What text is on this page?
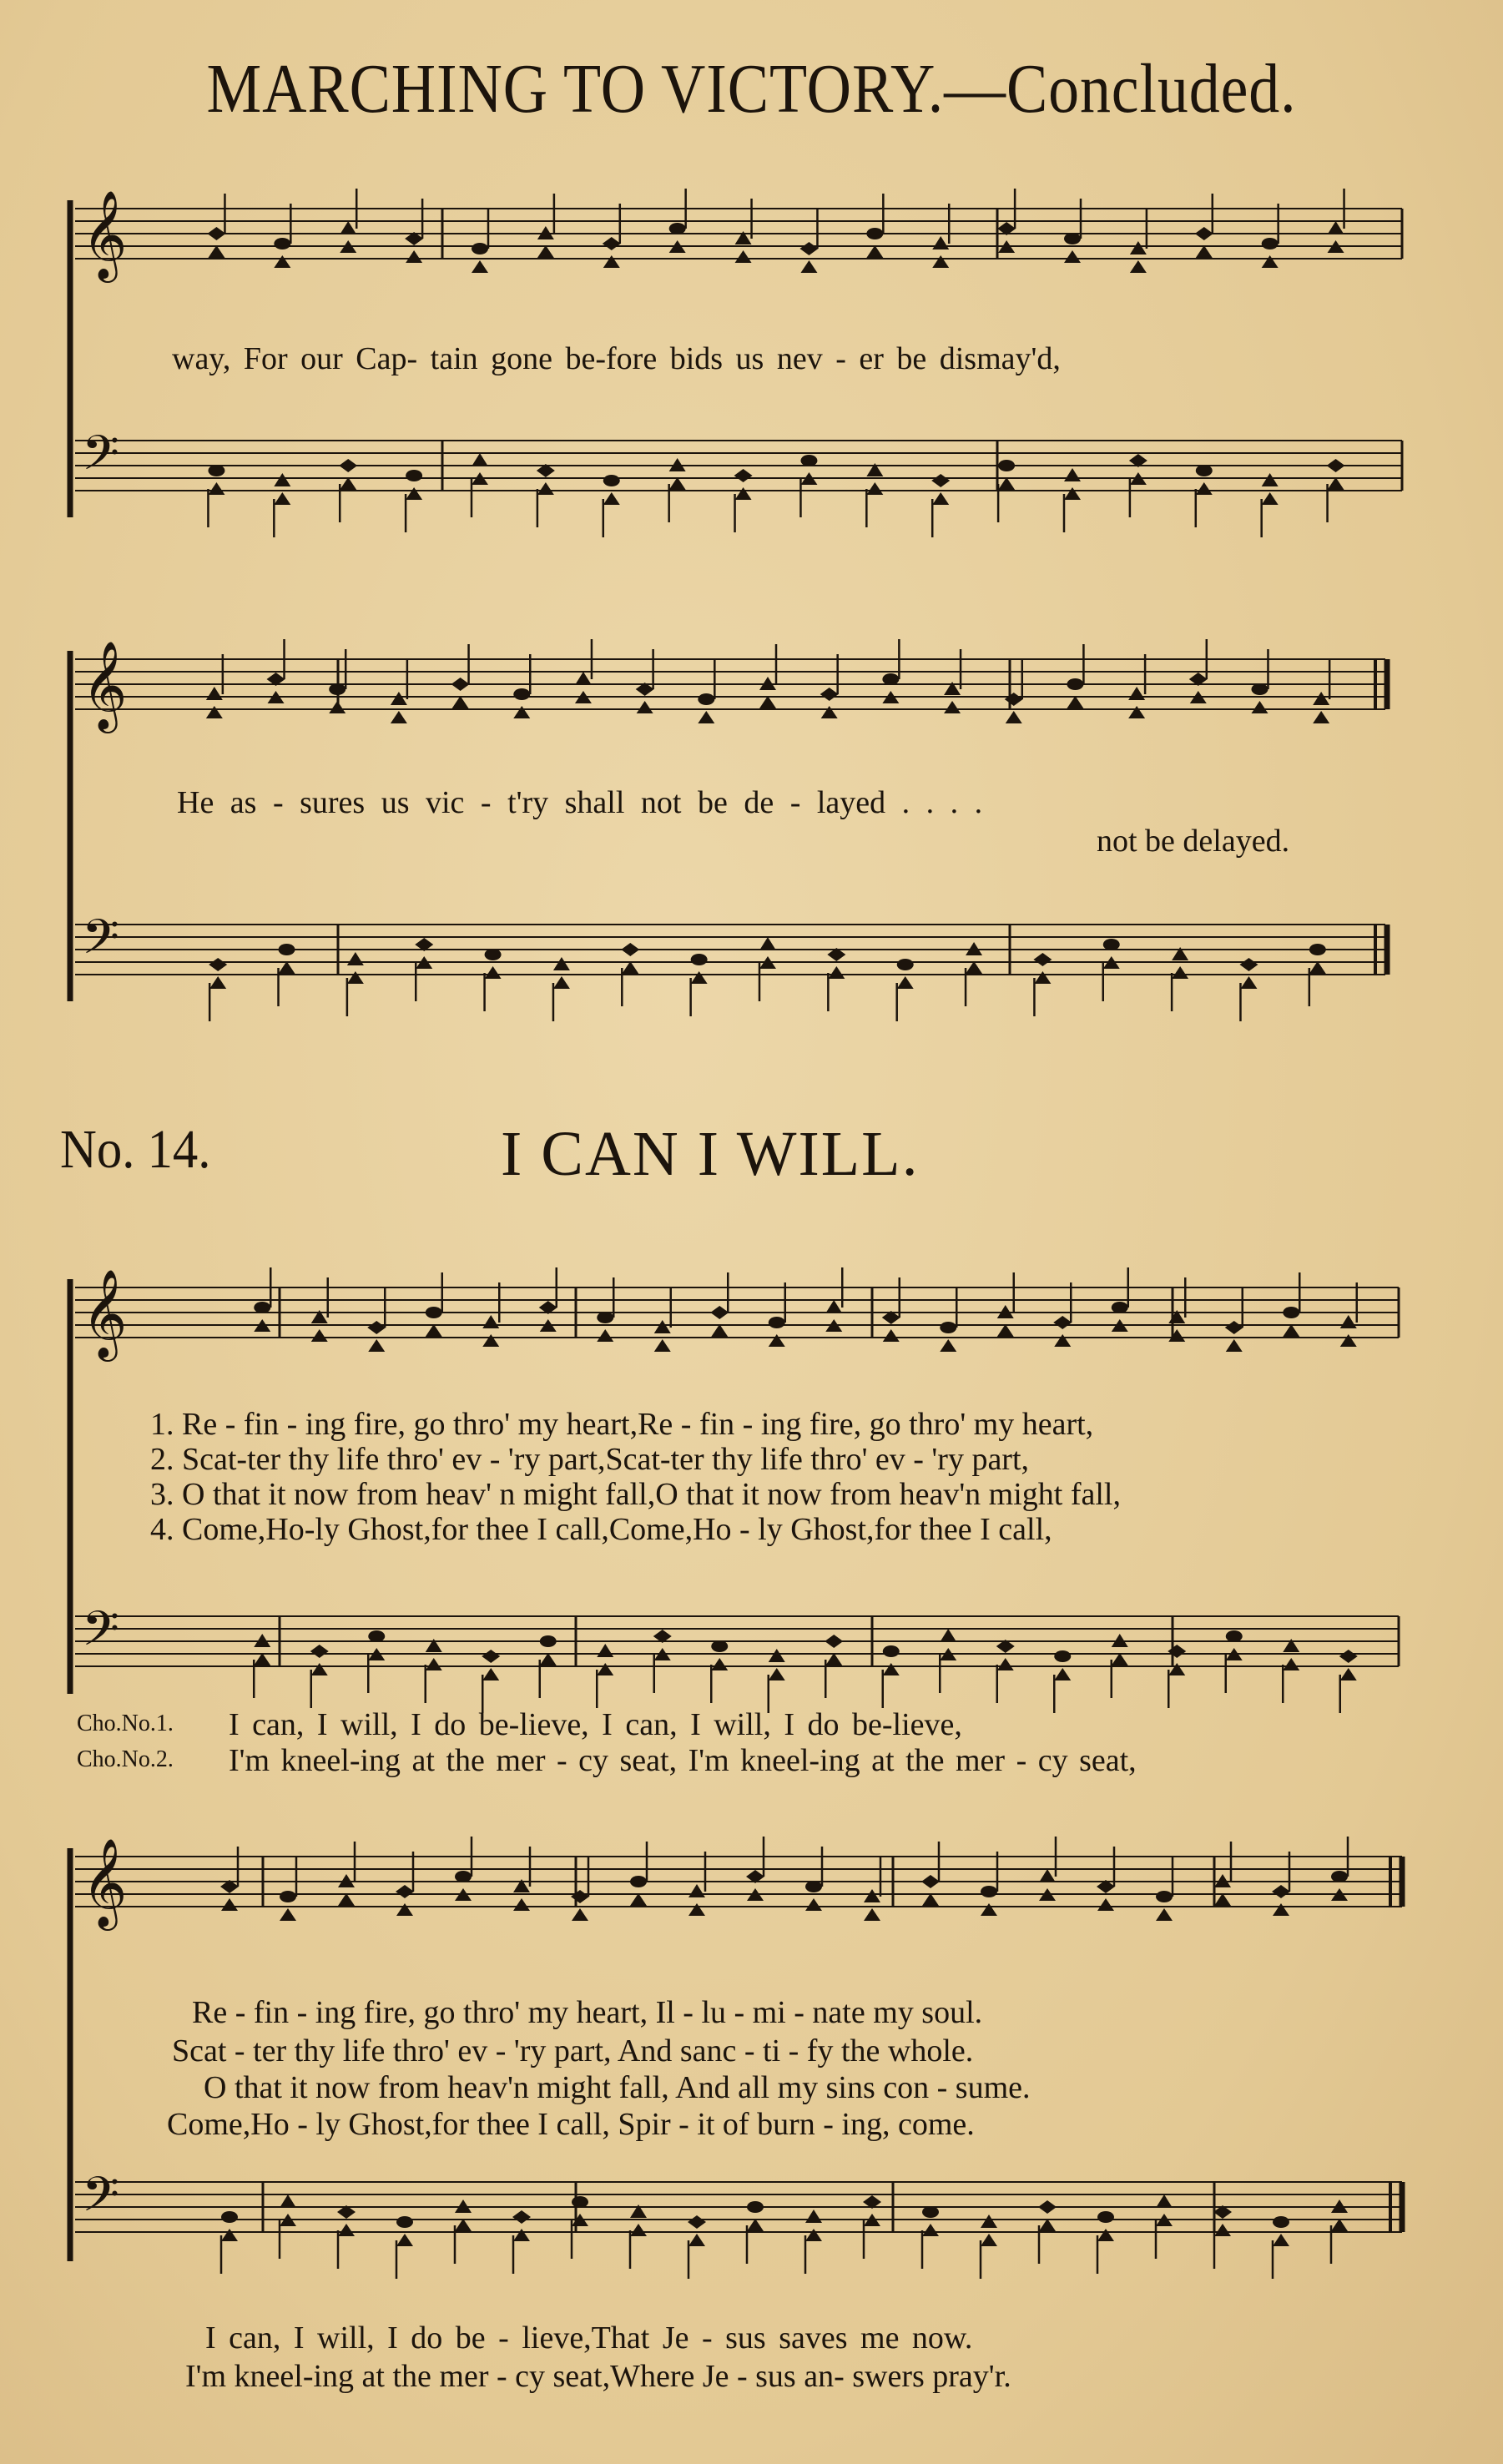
MARCHING TO VICTORY.—Concluded.
𝄞
𝄢
𝄞
𝄢
𝄞
𝄢
𝄞
𝄢
way, For our Cap- tain gone be-fore bids us nev - er be dismay'd,
He as - sures us vic - t'ry shall not be de - layed . . . .
not be delayed.
No. 14.	I CAN I WILL.
1. Re - fin - ing fire, go thro' my heart,Re - fin - ing fire, go thro' my heart,
2. Scat-ter thy life thro' ev - 'ry part,Scat-ter thy life thro' ev - 'ry part,
3. O that it now from heav' n might fall,O that it now from heav'n might fall,
4. Come,Ho-ly Ghost,for thee I call,Come,Ho - ly Ghost,for thee I call,
Cho.No.1. I can, I will, I do be-lieve, I can, I will, I do be-lieve,
Cho.No.2. I'm kneel-ing at the mer - cy seat, I'm kneel-ing at the mer - cy seat,
Re - fin - ing fire, go thro' my heart, Il - lu - mi - nate my soul.
Scat - ter thy life thro' ev - 'ry part, And sanc - ti - fy the whole.
O that it now from heav'n might fall, And all my sins con - sume.
Come,Ho - ly Ghost,for thee I call, Spir - it of burn - ing, come.
I can, I will, I do be - lieve,That Je - sus saves me now.
I'm kneel-ing at the mer - cy seat,Where Je - sus an- swers pray'r.
